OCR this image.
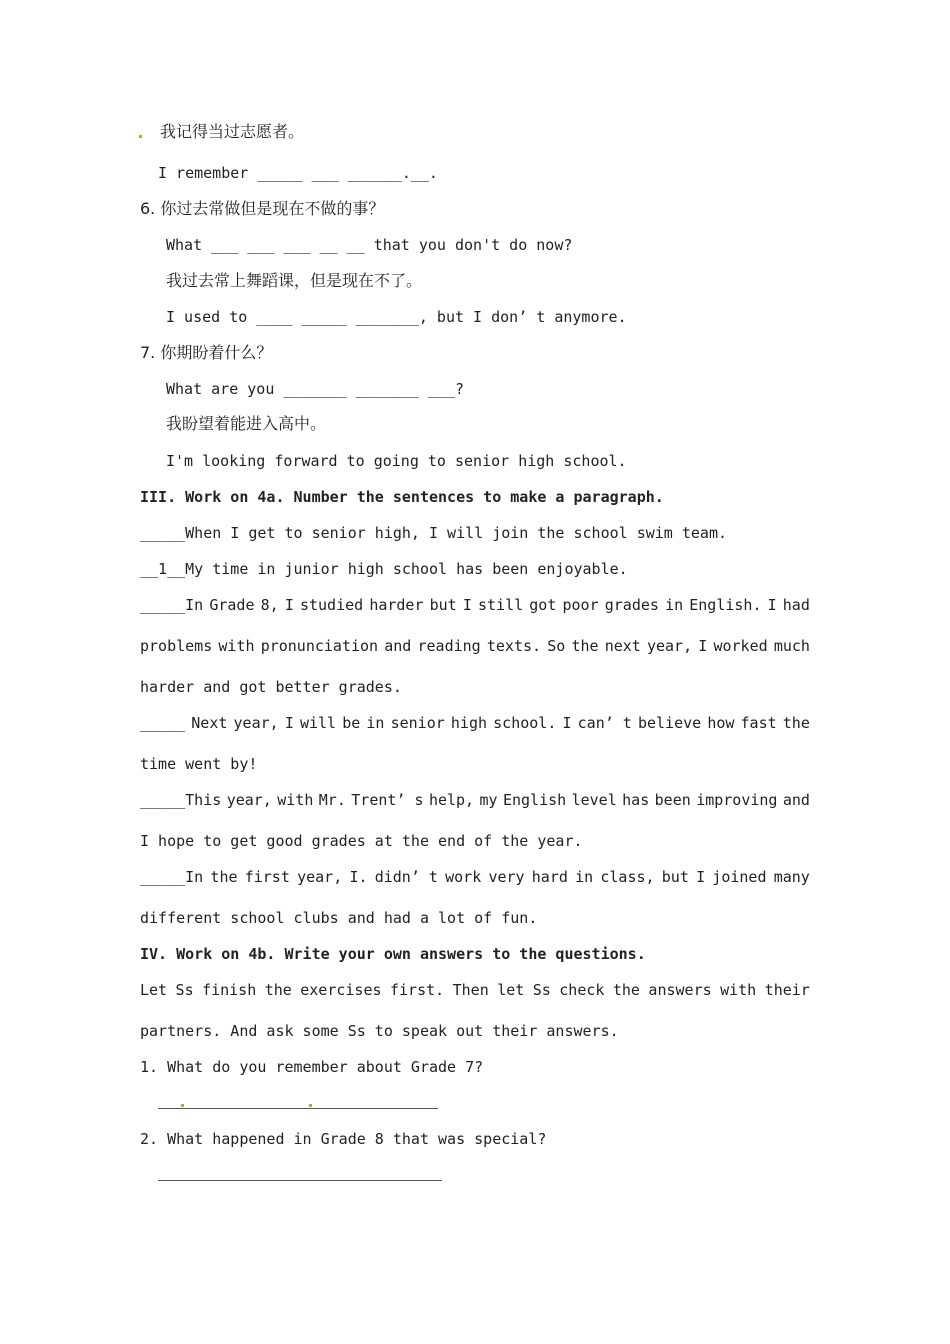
我记得当过志愿者。
I remember _____ ___ ______.__.
6. 你过去常做但是现在不做的事？
What ___ ___ ___ __ __ that you don't do now?
我过去常上舞蹈课，但是现在不了。
I used to ____ _____ _______, but I don’ t anymore.
7. 你期盼着什么？
What are you _______ _______ ___?
我盼望着能进入高中。
I'm looking forward to going to senior high school.
III. Work on 4a. Number the sentences to make a paragraph.
_____When I get to senior high, I will join the school swim team.
__1__My time in junior high school has been enjoyable.
_____In Grade 8, I studied harder but I still got poor grades in English. I had
problems with pronunciation and reading texts. So the next year, I worked much
harder and got better grades.
_____ Next year, I will be in senior high school. I can’ t believe how fast the
time went by!
_____This year, with Mr. Trent’ s help, my English level has been improving and
I hope to get good grades at the end of the year.
_____In the first year, I. didn’ t work very hard in class, but I joined many
different school clubs and had a lot of fun.
IV. Work on 4b. Write your own answers to the questions.
Let Ss finish the exercises first. Then let Ss check the answers with their
partners. And ask some Ss to speak out their answers.
1. What do you remember about Grade 7?
2. What happened in Grade 8 that was special?
